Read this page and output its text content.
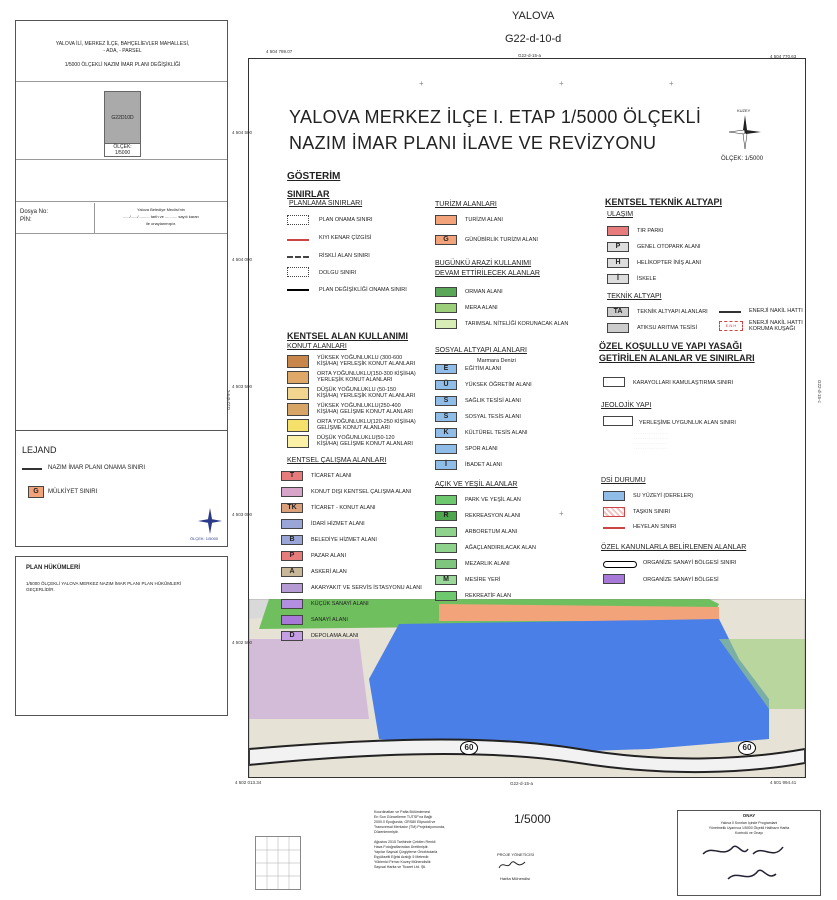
YALOVA
G22-d-10-d
YALOVA İLİ, MERKEZ İLÇE, BAHÇELİEVLER MAHALLESİ,
- ADA, - PARSEL
1/5000 ÖLÇEKLİ NAZIM İMAR PLANI DEĞİŞİKLİĞİ
G22D10D
ÖLÇEK: 1/5000
Dosya No:
PİN:
Yalova Belediye Meclisi'nin
....../....../.......... tarih ve ........... sayılı kararı
ile onaylanmıştır.
LEJAND
NAZIM İMAR PLANI ONAMA SINIRI
G	MÜLKİYET SINIRI
ÖLÇEK: 1/5000
PLAN HÜKÜMLERİ
1/5000 ÖLÇEKLİ YALOVA MERKEZ NAZIM İMAR PLANI PLAN HÜKÜMLERİ GEÇERLİDİR.
60	60
YALOVA MERKEZ İLÇE I. ETAP 1/5000 ÖLÇEKLİ
NAZIM İMAR PLANI İLAVE VE REVİZYONU
KUZEY
ÖLÇEK: 1/5000
GÖSTERİM
SINIRLAR
PLANLAMA SINIRLARI
PLAN ONAMA SINIRI
KIYI KENAR ÇİZGİSİ
RİSKLİ ALAN SINIRI
DOLGU SINIRI
PLAN DEĞİŞİKLİĞİ ONAMA SINIRI
KENTSEL ALAN KULLANIMI
KONUT ALANLARI
YÜKSEK YOĞUNLUKLU (300-600 KİŞİ/HA) YERLEŞİK KONUT ALANLARI
ORTA YOĞUNLUKLU(150-300 KİŞİ/HA) YERLEŞİK KONUT ALANLARI
DÜŞÜK YOĞUNLUKLU (50-150 KİŞİ/HA) YERLEŞİK KONUT ALANLARI
YÜKSEK YOĞUNLUKLU(250-400 KİŞİ/HA) GELİŞME KONUT ALANLARI
ORTA YOĞUNLUKLU(120-250 KİŞİ/HA) GELİŞME KONUT ALANLARI
DÜŞÜK YOĞUNLUKLU(50-120 KİŞİ/HA) GELİŞME KONUT ALANLARI
KENTSEL ÇALIŞMA ALANLARI
T	TİCARET ALANI
KONUT DIŞI KENTSEL ÇALIŞMA ALANI
TK	TİCARET - KONUT ALANI
İDARİ HİZMET ALANI
B	BELEDİYE HİZMET ALANI
P	PAZAR ALANI
A	ASKERİ ALAN
AKARYAKIT VE SERVİS İSTASYONU ALANI
KÜÇÜK SANAYİ ALANI
SANAYİ ALANI
D	DEPOLAMA ALANI
TURİZM ALANLARI
TURİZM ALANI
G	GÜNÜBİRLİK TURİZM ALANI
BUGÜNKÜ ARAZİ KULLANIMI
DEVAM ETTİRİLECEK ALANLAR
ORMAN ALANI
MERA ALANI
TARIMSAL NİTELİĞİ KORUNACAK ALAN
SOSYAL ALTYAPI ALANLARI
Marmara Denizi
E	EĞİTİM ALANI
Ü	YÜKSEK ÖĞRETİM ALANI
S	SAĞLIK TESİSİ ALANI
S	SOSYAL TESİS ALANI
K	KÜLTÜREL TESİS ALANI
SPOR ALANI
İ	İBADET ALANI
AÇIK VE YEŞİL ALANLAR
PARK VE YEŞİL ALAN
R	REKREASYON ALANI
ARBORETUM ALANI
AĞAÇLANDIRILACAK ALAN
MEZARLIK ALANI
M	MESİRE YERİ
REKREATİF ALAN
KENTSEL TEKNİK ALTYAPI
ULAŞIM
TIR PARKI
P	GENEL OTOPARK ALANI
H	HELİKOPTER İNİŞ ALANI
İ	İSKELE
TEKNİK ALTYAPI
TA	TEKNİK ALTYAPI ALANLARI
ATIKSU ARITMA TESİSİ
ENERJİ NAKİL HATTI
E.N.H	ENERJİ NAKİL HATTI KORUMA KUŞAĞI
ÖZEL KOŞULLU VE YAPI YASAĞI
GETİRİLEN ALANLAR VE SINIRLARI
KARAYOLLARI KAMULAŞTIRMA SINIRI
JEOLOJİK YAPI
YERLEŞİME UYGUNLUK ALAN SINIRI
· · · · · · · · · · · · · · · · · · ·
· · · · · · · · · · · · · · · · · · ·
· · · · · · · · · · · · · · · · · · ·
· · · · · · · · · · · · · · · · · · ·
DSİ DURUMU
SU YÜZEYİ (DERELER)
TAŞKIN SINIRI
HEYELAN SINIRI
ÖZEL KANUNLARLA BELİRLENEN ALANLAR
ORGANİZE SANAYİ BÖLGESİ SINIRI
ORGANİZE SANAYİ BÖLGESİ
+	+	+
+
4 504 789.07
4 504 770.63
G22-d-15-a
4 504 500
4 504 000
4 503 500
4 503 000
4 502 500
4 502 013.34	4 501 994.41
G22-d-15-a
G22-d-9-c	G22-d-15-c
1/5000
Koordinatları ve Pafta Bölümlemesi
En Son Güncelleme TUTSF'na Bağlı
2000.0 Epoğunda, GRS80 Elipsoidi ve
Transversal Merkator (TM) Projeksiyonunda,
Düzenlenmiştir.

Ağustos 2015 Tarihinde Çekilen Renkli
Hava Fotoğraflarından Üretilmiştir.
Yapılar Sayısal Çizgiyleme Ortofotolarla
Eşyükselti Eğrisi Aralığı 5 Metredir.
Yüklenici Firma: Kuzey Mühendislik
Sayısal Harita ve Ticaret Ltd. Şti.
PROJE YÖNETİCİSİ
Harita Mühendisi
ONAY
Yalova İl Sınırları İçinde Programlarlı
Yönetmelik Uyarınca 1/5000 Ölçekli Halihazır Harita
Kontrolü ve Onayı
